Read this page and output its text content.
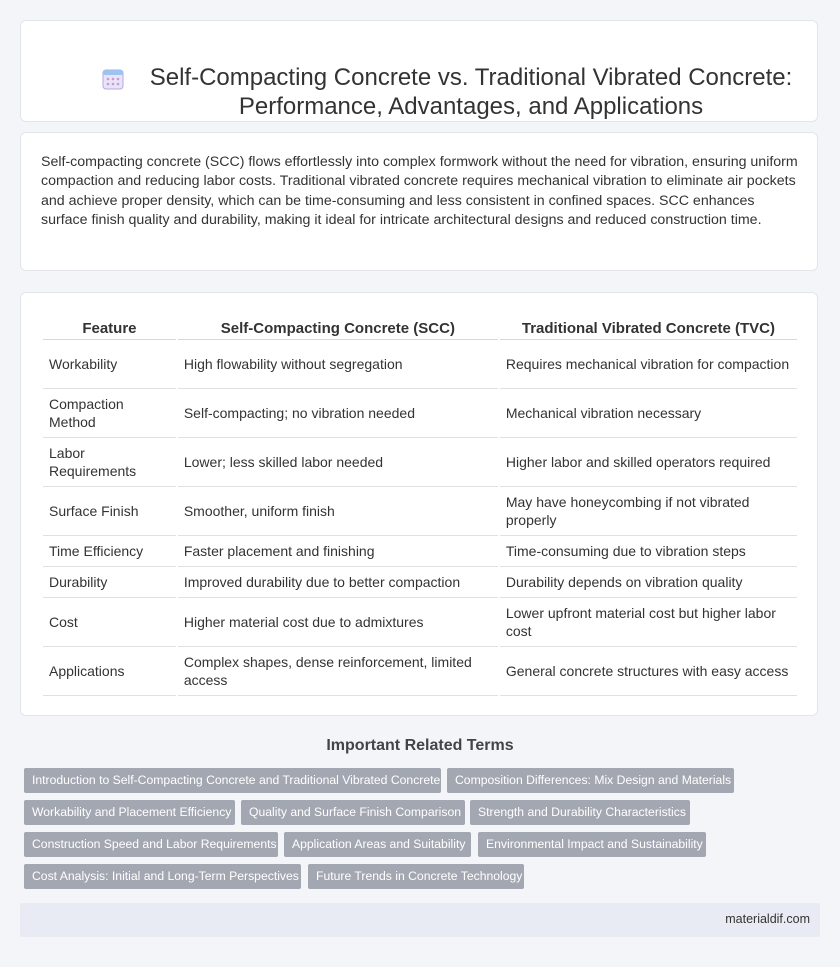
Self-Compacting Concrete vs. Traditional Vibrated Concrete: Performance, Advantages, and Applications

Self-compacting concrete (SCC) flows effortlessly into complex formwork without the need for vibration, ensuring uniform compaction and reducing labor costs. Traditional vibrated concrete requires mechanical vibration to eliminate air pockets and achieve proper density, which can be time-consuming and less consistent in confined spaces. SCC enhances surface finish quality and durability, making it ideal for intricate architectural designs and reduced construction time.

Feature	Self-Compacting Concrete (SCC)	Traditional Vibrated Concrete (TVC)
Workability	High flowability without segregation	Requires mechanical vibration for compaction
Compaction Method	Self-compacting; no vibration needed	Mechanical vibration necessary
Labor Requirements	Lower; less skilled labor needed	Higher labor and skilled operators required
Surface Finish	Smoother, uniform finish	May have honeycombing if not vibrated properly
Time Efficiency	Faster placement and finishing	Time-consuming due to vibration steps
Durability	Improved durability due to better compaction	Durability depends on vibration quality
Cost	Higher material cost due to admixtures	Lower upfront material cost but higher labor cost
Applications	Complex shapes, dense reinforcement, limited access	General concrete structures with easy access
Important Related Terms
Introduction to Self-Compacting Concrete and Traditional Vibrated Concrete	Composition Differences: Mix Design and Materials
Workability and Placement Efficiency	Quality and Surface Finish Comparison	Strength and Durability Characteristics
Construction Speed and Labor Requirements	Application Areas and Suitability	Environmental Impact and Sustainability
Cost Analysis: Initial and Long-Term Perspectives	Future Trends in Concrete Technology
materialdif.com
